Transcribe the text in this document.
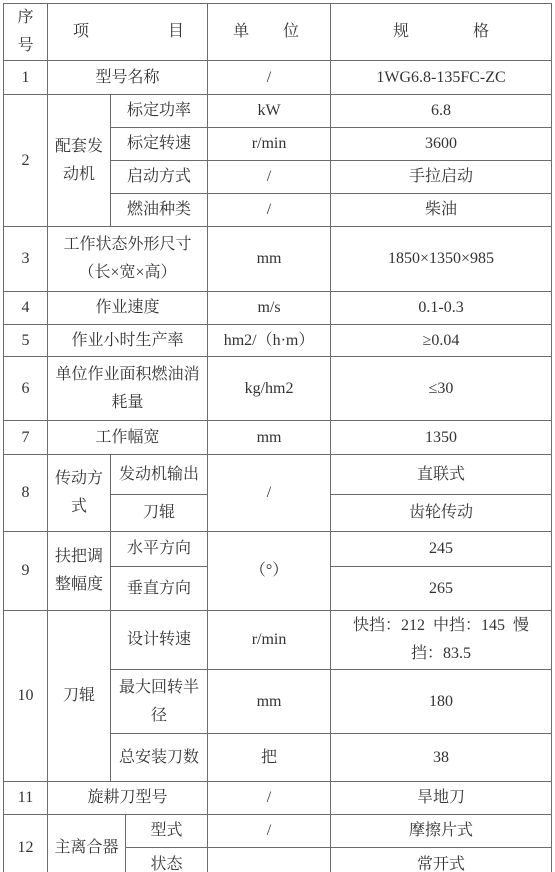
序号	项 目			单 位	规 格
1	型号名称			/	1WG6.8-135FC-ZC
2	配套发动机	标定功率		kW	6.8
		标定转速		r/min	3600
		启动方式		/	手拉启动
		燃油种类		/	柴油
3	工作状态外形尺寸（长×宽×高）			mm	1850×1350×985
4	作业速度			m/s	0.1-0.3
5	作业小时生产率			hm2/（h·m）	≥0.04
6	单位作业面积燃油消耗量			kg/hm2	≤30
7	工作幅宽			mm	1350
8	传动方式	发动机输出		/	直联式
		刀辊			齿轮传动
9	扶把调整幅度	水平方向		（°）	245
		垂直方向			265
10	刀辊	设计转速		r/min	快挡：212  中挡：145  慢挡：83.5
		最大回转半径		mm	180
		总安装刀数		把	38
11	旋耕刀型号			/	旱地刀
12	主离合器		型式	/	摩擦片式
			状态		常开式
